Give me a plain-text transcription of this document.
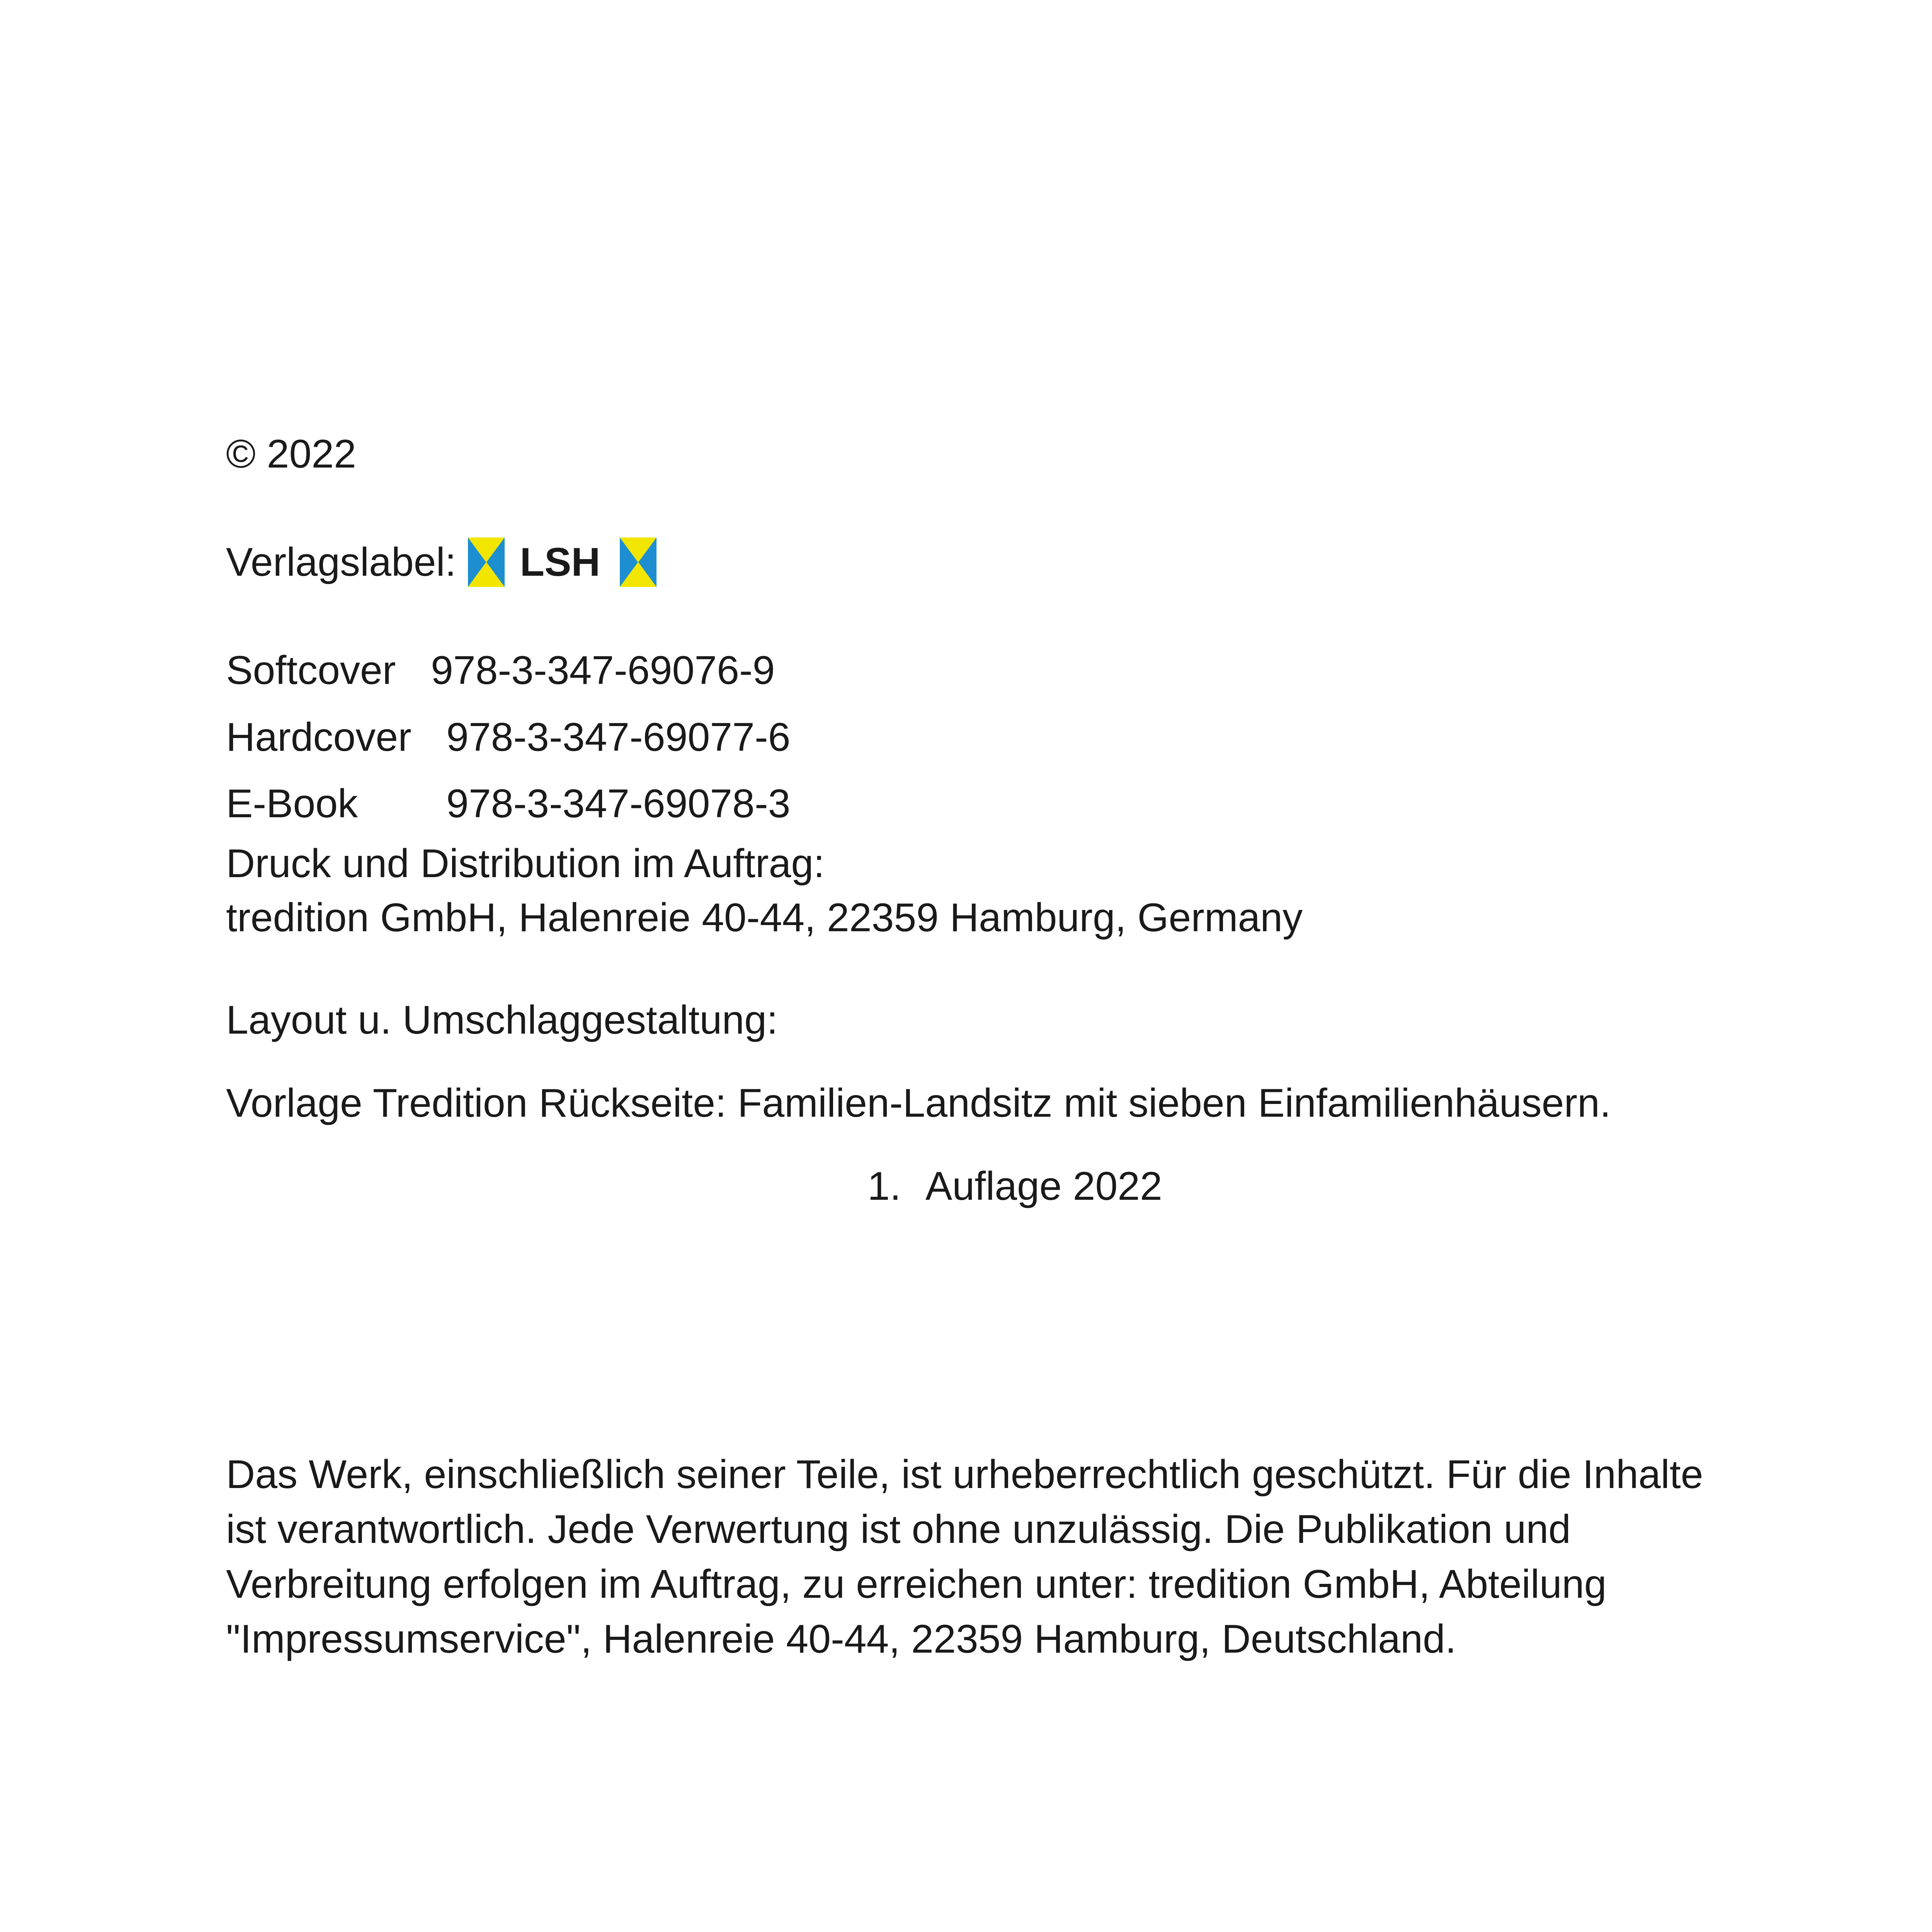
© 2022
Verlagslabel: LSH
Softcover 978-3-347-69076-9
Hardcover 978-3-347-69077-6
E-Book	978-3-347-69078-3
Druck und Distribution im Auftrag:
tredition GmbH, Halenreie 40-44, 22359 Hamburg, Germany
Layout u. Umschlaggestaltung:
Vorlage Tredition Rückseite: Familien-Landsitz mit sieben Einfamilienhäusern.
1. Auflage 2022
Das Werk, einschließlich seiner Teile, ist urheberrechtlich geschützt. Für die Inhalte
ist verantwortlich. Jede Verwertung ist ohne unzulässig. Die Publikation und
Verbreitung erfolgen im Auftrag, zu erreichen unter: tredition GmbH, Abteilung
"Impressumservice", Halenreie 40-44, 22359 Hamburg, Deutschland.
